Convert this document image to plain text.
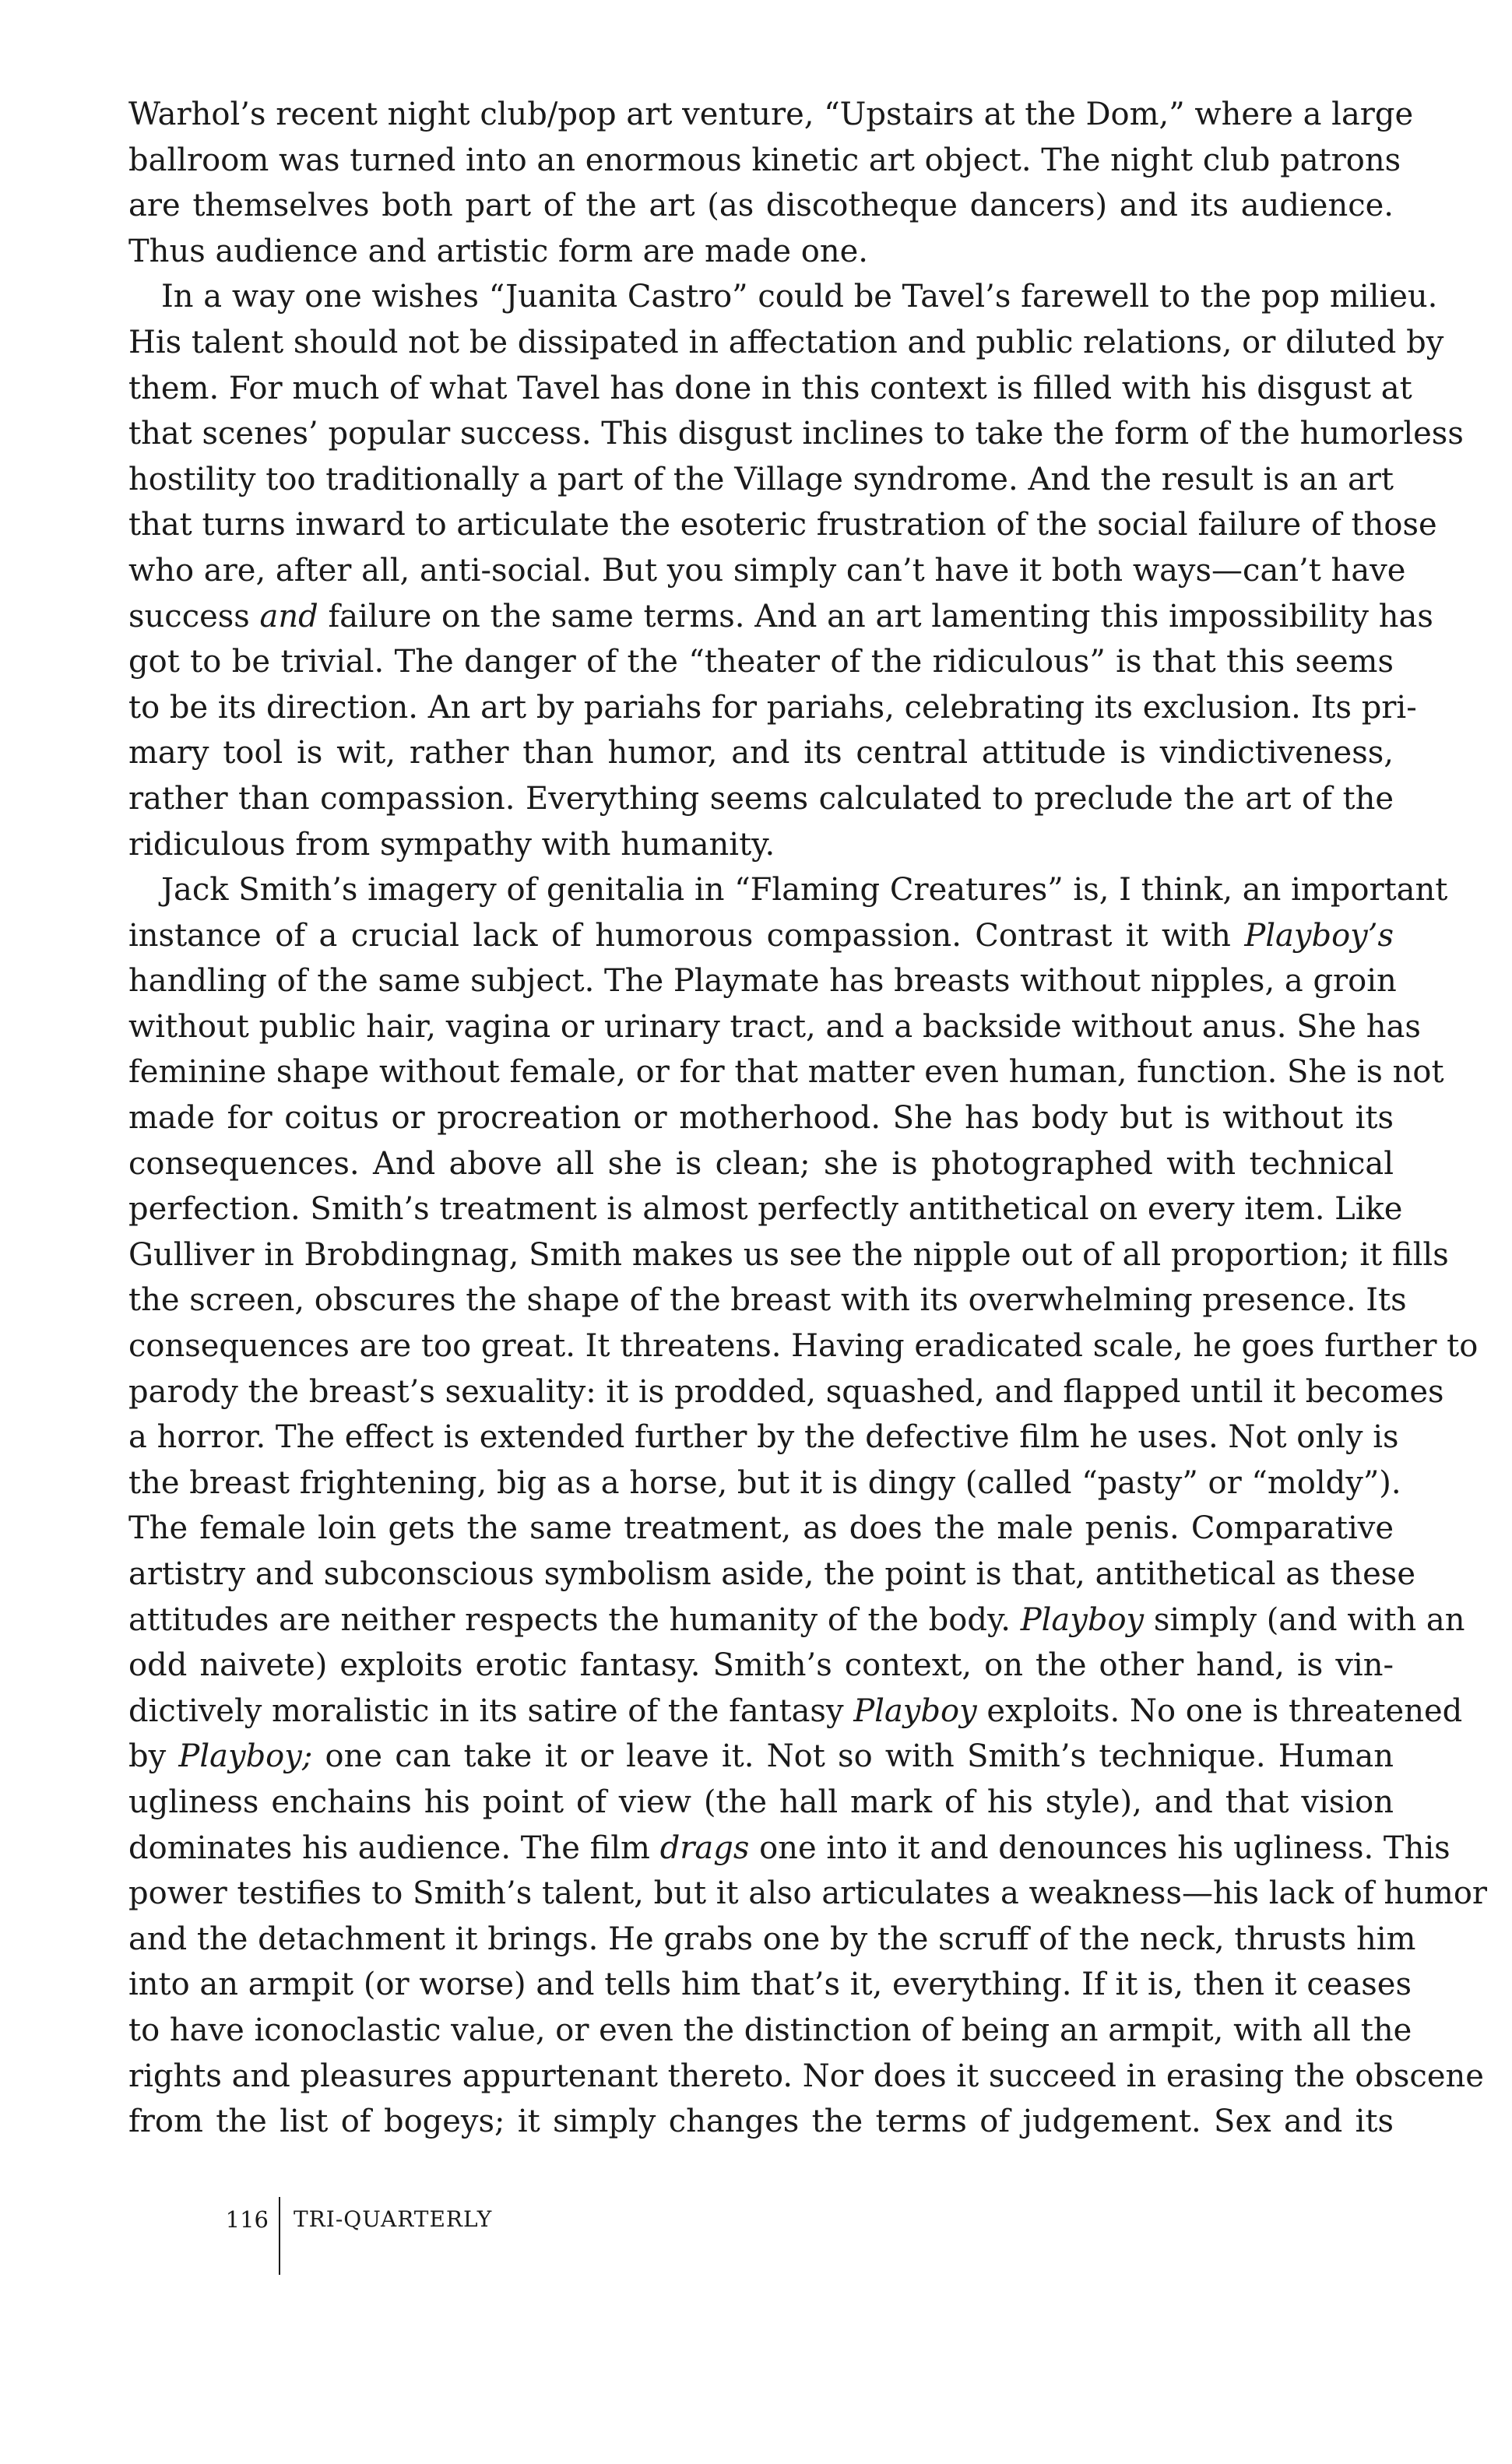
Warhol’s recent night club/pop art venture, “Upstairs at the Dom,” where a large
ballroom was turned into an enormous kinetic art object. The night club patrons
are themselves both part of the art (as discotheque dancers) and its audience.
Thus audience and artistic form are made one.
In a way one wishes “Juanita Castro” could be Tavel’s farewell to the pop milieu.
His talent should not be dissipated in affectation and public relations, or diluted by
them. For much of what Tavel has done in this context is filled with his disgust at
that scenes’ popular success. This disgust inclines to take the form of the humorless
hostility too traditionally a part of the Village syndrome. And the result is an art
that turns inward to articulate the esoteric frustration of the social failure of those
who are, after all, anti-social. But you simply can’t have it both ways—can’t have
success and failure on the same terms. And an art lamenting this impossibility has
got to be trivial. The danger of the “theater of the ridiculous” is that this seems
to be its direction. An art by pariahs for pariahs, celebrating its exclusion. Its pri-
mary tool is wit, rather than humor, and its central attitude is vindictiveness,
rather than compassion. Everything seems calculated to preclude the art of the
ridiculous from sympathy with humanity.
Jack Smith’s imagery of genitalia in “Flaming Creatures” is, I think, an important
instance of a crucial lack of humorous compassion. Contrast it with Playboy’s
handling of the same subject. The Playmate has breasts without nipples, a groin
without public hair, vagina or urinary tract, and a backside without anus. She has
feminine shape without female, or for that matter even human, function. She is not
made for coitus or procreation or motherhood. She has body but is without its
consequences. And above all she is clean; she is photographed with technical
perfection. Smith’s treatment is almost perfectly antithetical on every item. Like
Gulliver in Brobdingnag, Smith makes us see the nipple out of all proportion; it fills
the screen, obscures the shape of the breast with its overwhelming presence. Its
consequences are too great. It threatens. Having eradicated scale, he goes further to
parody the breast’s sexuality: it is prodded, squashed, and flapped until it becomes
a horror. The effect is extended further by the defective film he uses. Not only is
the breast frightening, big as a horse, but it is dingy (called “pasty” or “moldy”).
The female loin gets the same treatment, as does the male penis. Comparative
artistry and subconscious symbolism aside, the point is that, antithetical as these
attitudes are neither respects the humanity of the body. Playboy simply (and with an
odd naivete) exploits erotic fantasy. Smith’s context, on the other hand, is vin-
dictively moralistic in its satire of the fantasy Playboy exploits. No one is threatened
by Playboy; one can take it or leave it. Not so with Smith’s technique. Human
ugliness enchains his point of view (the hall mark of his style), and that vision
dominates his audience. The film drags one into it and denounces his ugliness. This
power testifies to Smith’s talent, but it also articulates a weakness—his lack of humor
and the detachment it brings. He grabs one by the scruff of the neck, thrusts him
into an armpit (or worse) and tells him that’s it, everything. If it is, then it ceases
to have iconoclastic value, or even the distinction of being an armpit, with all the
rights and pleasures appurtenant thereto. Nor does it succeed in erasing the obscene
from the list of bogeys; it simply changes the terms of judgement. Sex and its
116 TRI-QUARTERLY
